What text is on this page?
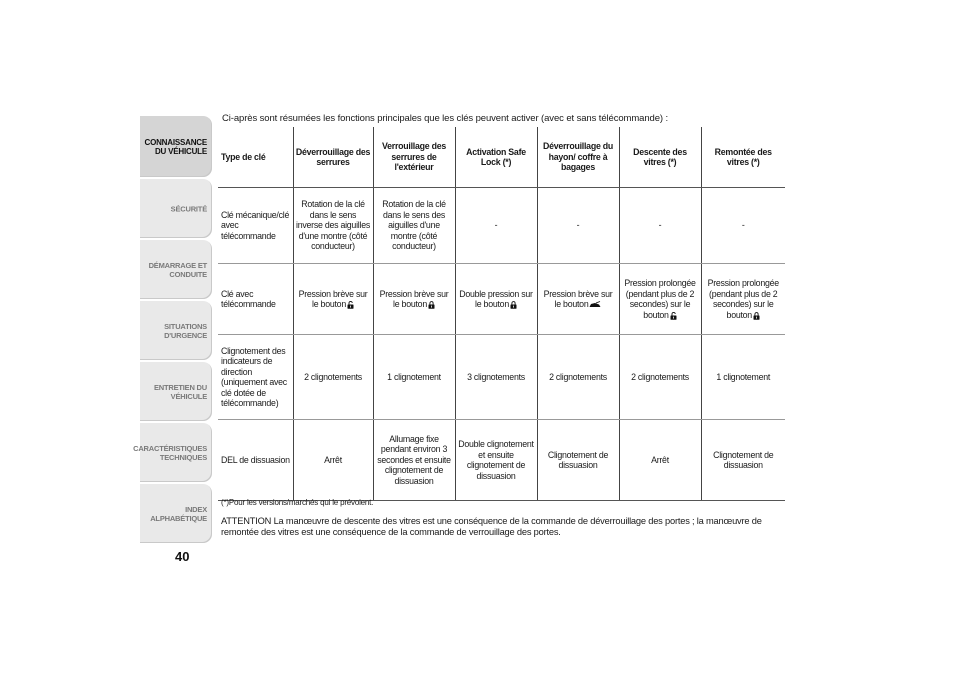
CONNAISSANCE DU VÉHICULE
SÉCURITÉ
DÉMARRAGE ET CONDUITE
SITUATIONS D'URGENCE
ENTRETIEN DU VÉHICULE
CARACTÉRISTIQUES TECHNIQUES
INDEX ALPHABÉTIQUE
40
Ci-après sont résumées les fonctions principales que les clés peuvent activer (avec et sans télécommande) :
Type de clé	Déverrouillage des serrures	Verrouillage des serrures de l'extérieur	Activation Safe Lock (*)	Déverrouillage du hayon/ coffre à bagages	Descente des vitres (*)	Remontée des vitres (*)
Clé mécanique/clé avec télécommande	Rotation de la clé dans le sens inverse des aiguilles d'une montre (côté conducteur)	Rotation de la clé dans le sens des aiguilles d'une montre (côté conducteur)	-	-	-	-
Clé avec télécommande	Pression brève sur le bouton	Pression brève sur le bouton	Double pression sur le bouton	Pression brève sur le bouton	Pression prolongée (pendant plus de 2 secondes) sur le bouton	Pression prolongée (pendant plus de 2 secondes) sur le bouton
Clignotement des indicateurs de direction (uniquement avec clé dotée de télécommande)	2 clignotements	1 clignotement	3 clignotements	2 clignotements	2 clignotements	1 clignotement
DEL de dissuasion	Arrêt	Allumage fixe pendant environ 3 secondes et ensuite clignotement de dissuasion	Double clignotement et ensuite clignotement de dissuasion	Clignotement de dissuasion	Arrêt	Clignotement de dissuasion
(*)Pour les versions/marchés qui le prévoient.
ATTENTION La manœuvre de descente des vitres est une conséquence de la commande de déverrouillage des portes ; la manœuvre de remontée des vitres est une conséquence de la commande de verrouillage des portes.
